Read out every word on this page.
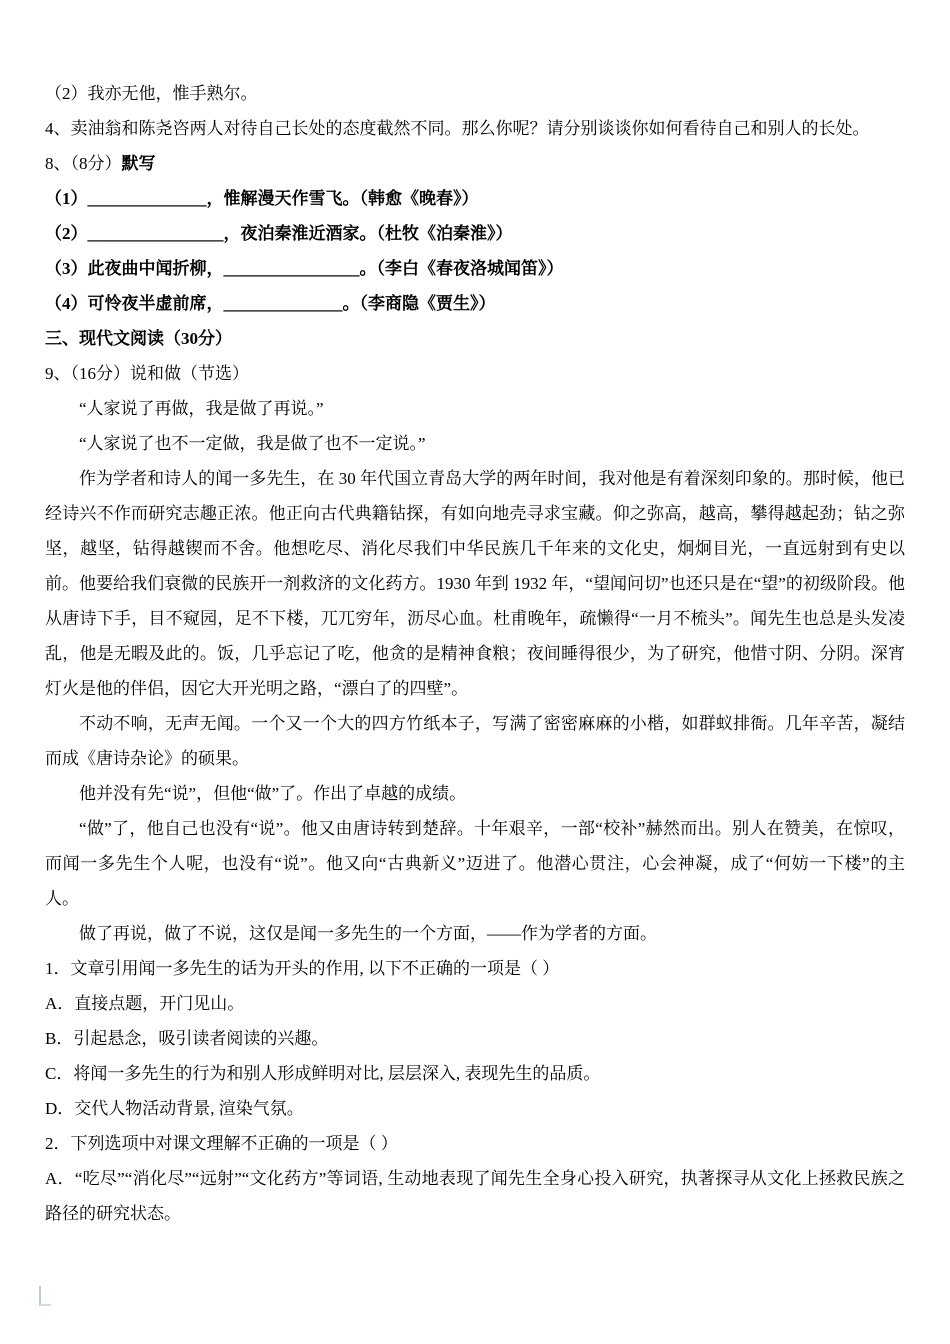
（2）我亦无他，惟手熟尔。

4、卖油翁和陈尧咨两人对待自己长处的态度截然不同。那么你呢？请分别谈谈你如何看待自己和别人的长处。

8、（8分）默写

（1）______________，惟解漫天作雪飞。（韩愈《晚春》）

（2）________________，夜泊秦淮近酒家。（杜牧《泊秦淮》）

（3）此夜曲中闻折柳，________________。（李白《春夜洛城闻笛》）

（4）可怜夜半虚前席，______________。（李商隐《贾生》）

三、现代文阅读（30分）

9、（16分）说和做（节选）

“人家说了再做，我是做了再说。”

“人家说了也不一定做，我是做了也不一定说。”

作为学者和诗人的闻一多先生，在 30 年代国立青岛大学的两年时间，我对他是有着深刻印象的。那时候，他已经诗兴不作而研究志趣正浓。他正向古代典籍钻探，有如向地壳寻求宝藏。仰之弥高，越高，攀得越起劲；钻之弥坚，越坚，钻得越锲而不舍。他想吃尽、消化尽我们中华民族几千年来的文化史，炯炯目光，一直远射到有史以前。他要给我们衰微的民族开一剂救济的文化药方。1930 年到 1932 年，“望闻问切”也还只是在“望”的初级阶段。他从唐诗下手，目不窥园，足不下楼，兀兀穷年，沥尽心血。杜甫晚年，疏懒得“一月不梳头”。闻先生也总是头发凌乱，他是无暇及此的。饭，几乎忘记了吃，他贪的是精神食粮；夜间睡得很少，为了研究，他惜寸阴、分阴。深宵灯火是他的伴侣，因它大开光明之路，“漂白了的四壁”。

不动不响，无声无闻。一个又一个大的四方竹纸本子，写满了密密麻麻的小楷，如群蚁排衙。几年辛苦，凝结而成《唐诗杂论》的硕果。

他并没有先“说”，但他“做”了。作出了卓越的成绩。

“做”了，他自己也没有“说”。他又由唐诗转到楚辞。十年艰辛，一部“校补”赫然而出。别人在赞美，在惊叹，而闻一多先生个人呢，也没有“说”。他又向“古典新义”迈进了。他潜心贯注，心会神凝，成了“何妨一下楼”的主人。

做了再说，做了不说，这仅是闻一多先生的一个方面，——作为学者的方面。

1．文章引用闻一多先生的话为开头的作用, 以下不正确的一项是（ ）

A．直接点题，开门见山。

B．引起悬念，吸引读者阅读的兴趣。

C．将闻一多先生的行为和别人形成鲜明对比, 层层深入, 表现先生的品质。

D．交代人物活动背景, 渲染气氛。

2．下列选项中对课文理解不正确的一项是（ ）

A．“吃尽”“消化尽”“远射”“文化药方”等词语, 生动地表现了闻先生全身心投入研究，执著探寻从文化上拯救民族之路径的研究状态。
